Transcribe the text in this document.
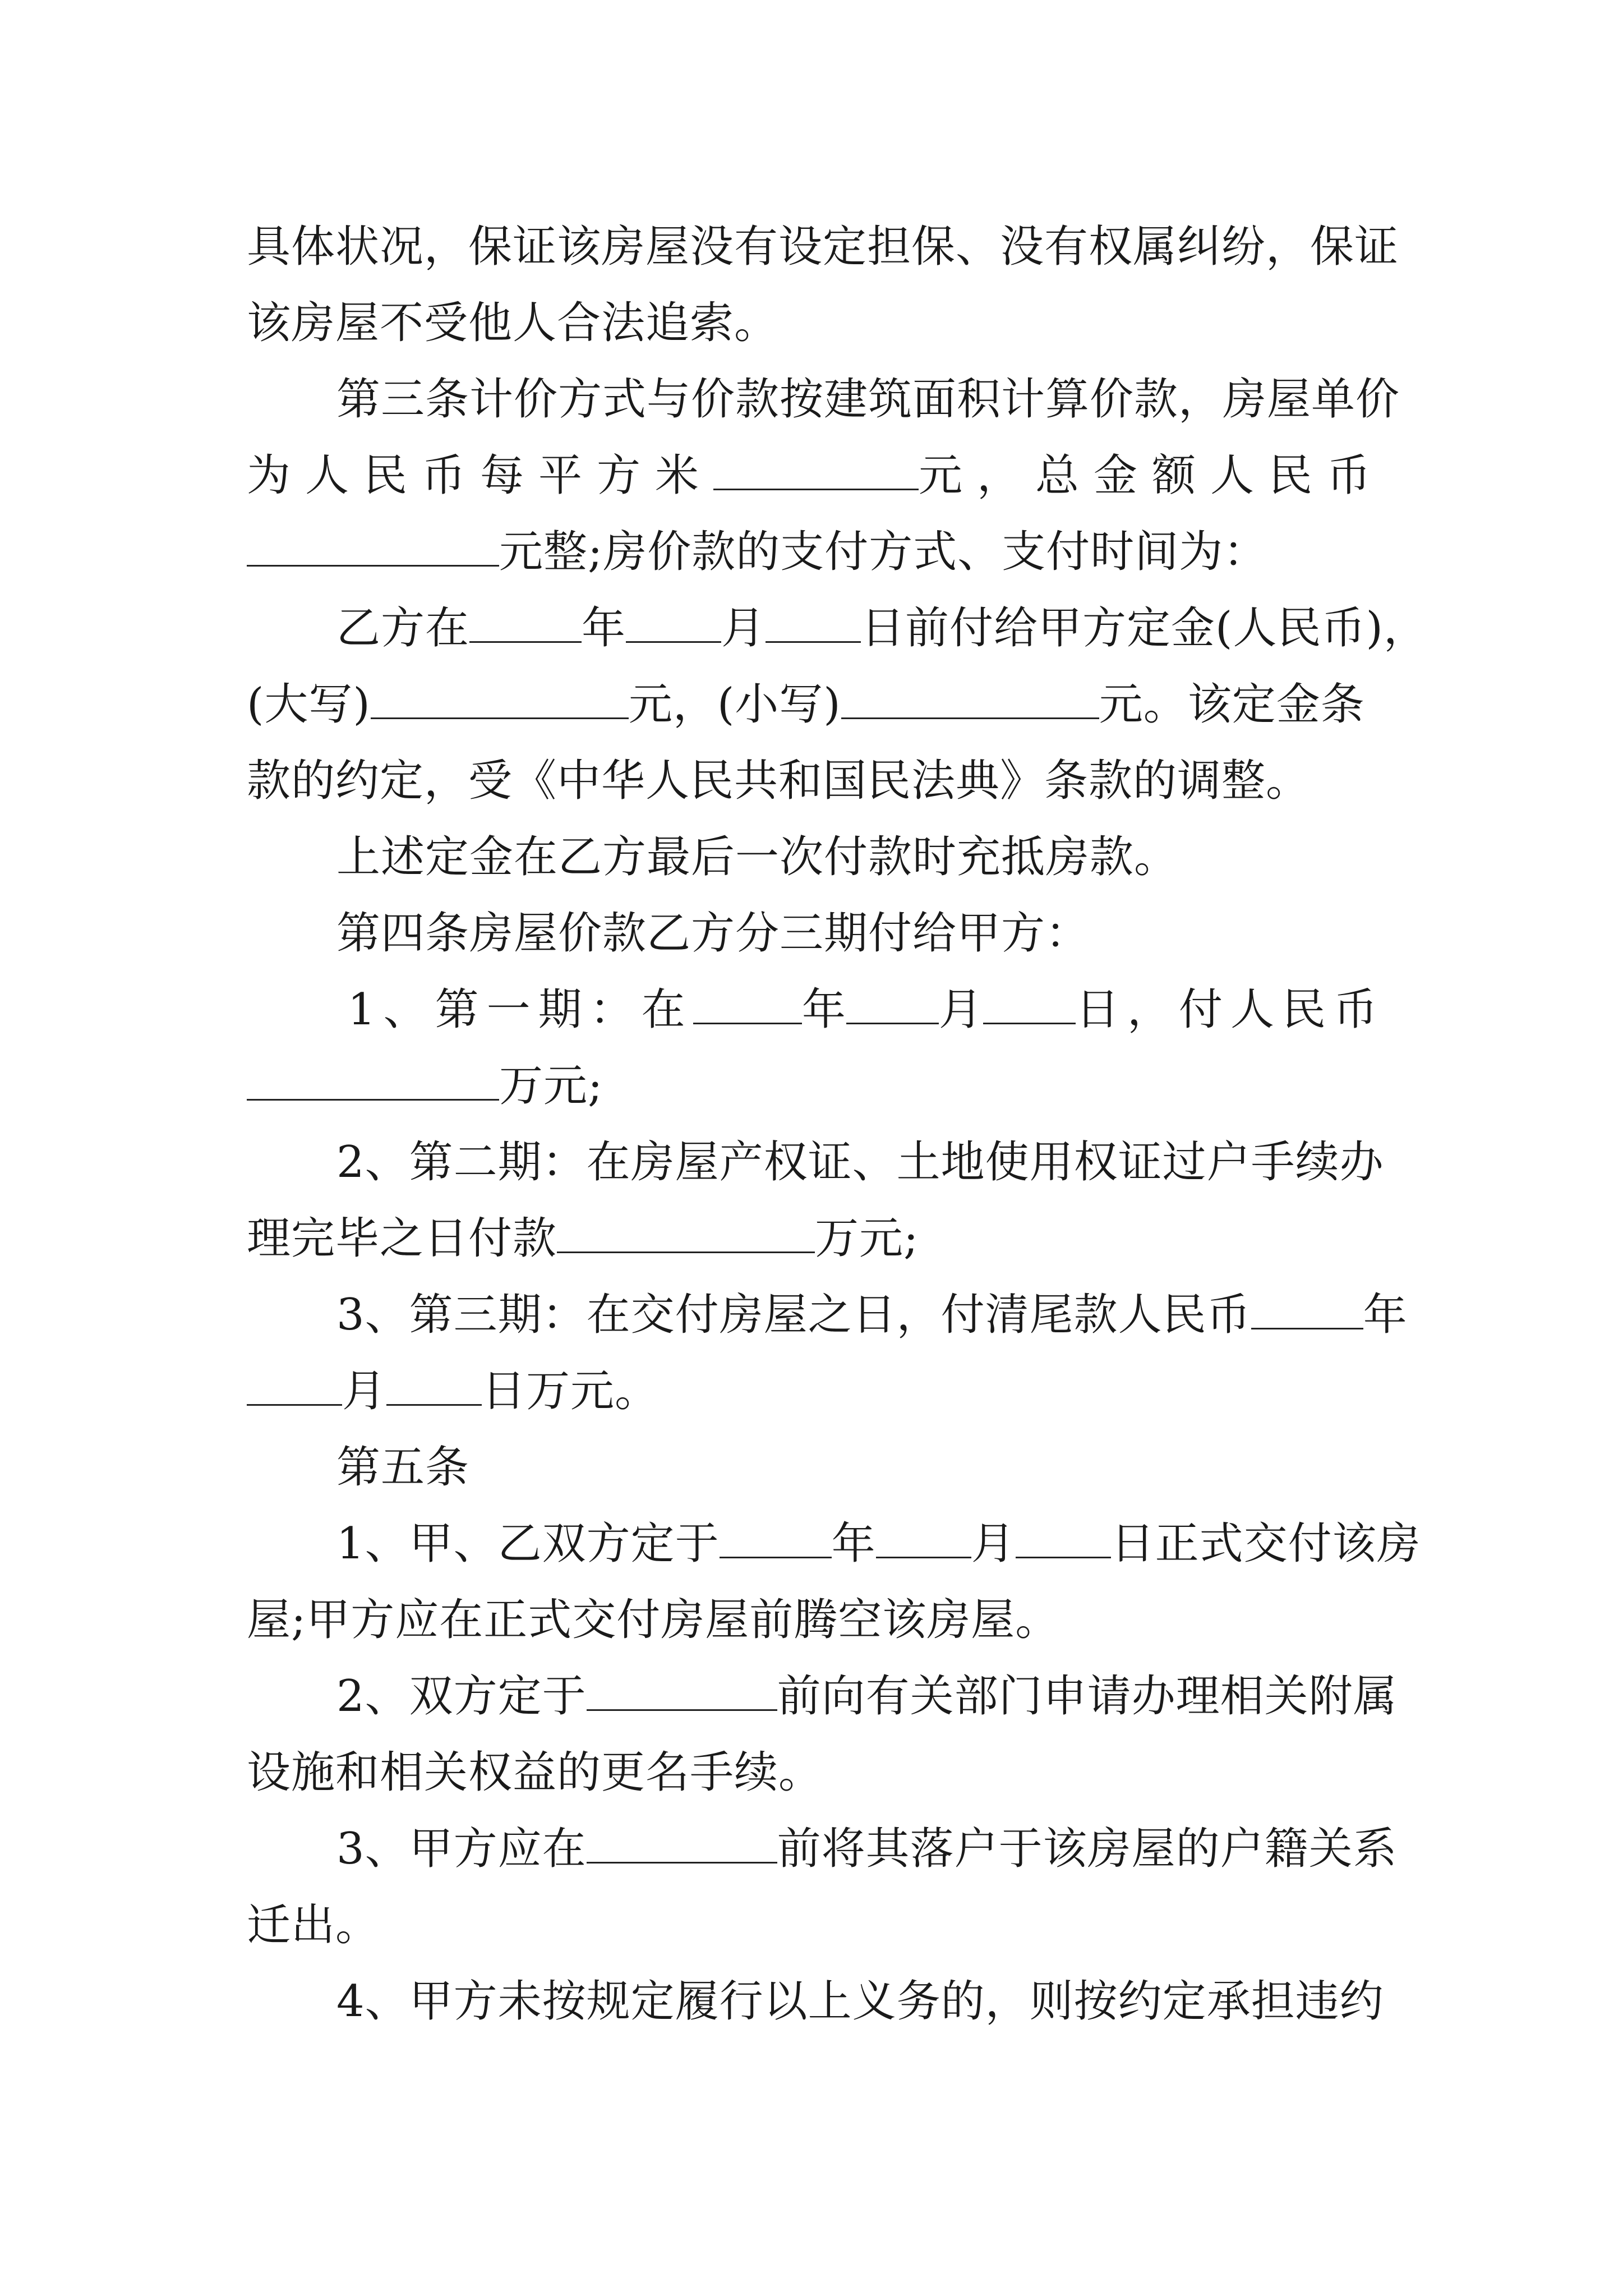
具体状况，保证该房屋没有设定担保、没有权属纠纷，保证
该房屋不受他人合法追索。
第三条计价方式与价款按建筑面积计算价款，房屋单价
为人民币每平方米	元，总金额人民币
元整;房价款的支付方式、支付时间为：
乙方在	年 月 日前付给甲方定金(人民币)，
(大写)	元，(小写)	元。该定金条
款的约定，受《中华人民共和国民法典》条款的调整。
上述定金在乙方最后一次付款时充抵房款。
第四条房屋价款乙方分三期付给甲方：
1、第一期：在 年 月 日，付人民币
万元;
2、第二期：在房屋产权证、土地使用权证过户手续办
理完毕之日付款	万元;
3、第三期：在交付房屋之日，付清尾款人民币	年
月 日万元。
第五条
1、甲、乙双方定于	年 月 日正式交付该房
屋;甲方应在正式交付房屋前腾空该房屋。
2、双方定于	前向有关部门申请办理相关附属
设施和相关权益的更名手续。
3、甲方应在	前将其落户于该房屋的户籍关系
迁出。
4、甲方未按规定履行以上义务的，则按约定承担违约
